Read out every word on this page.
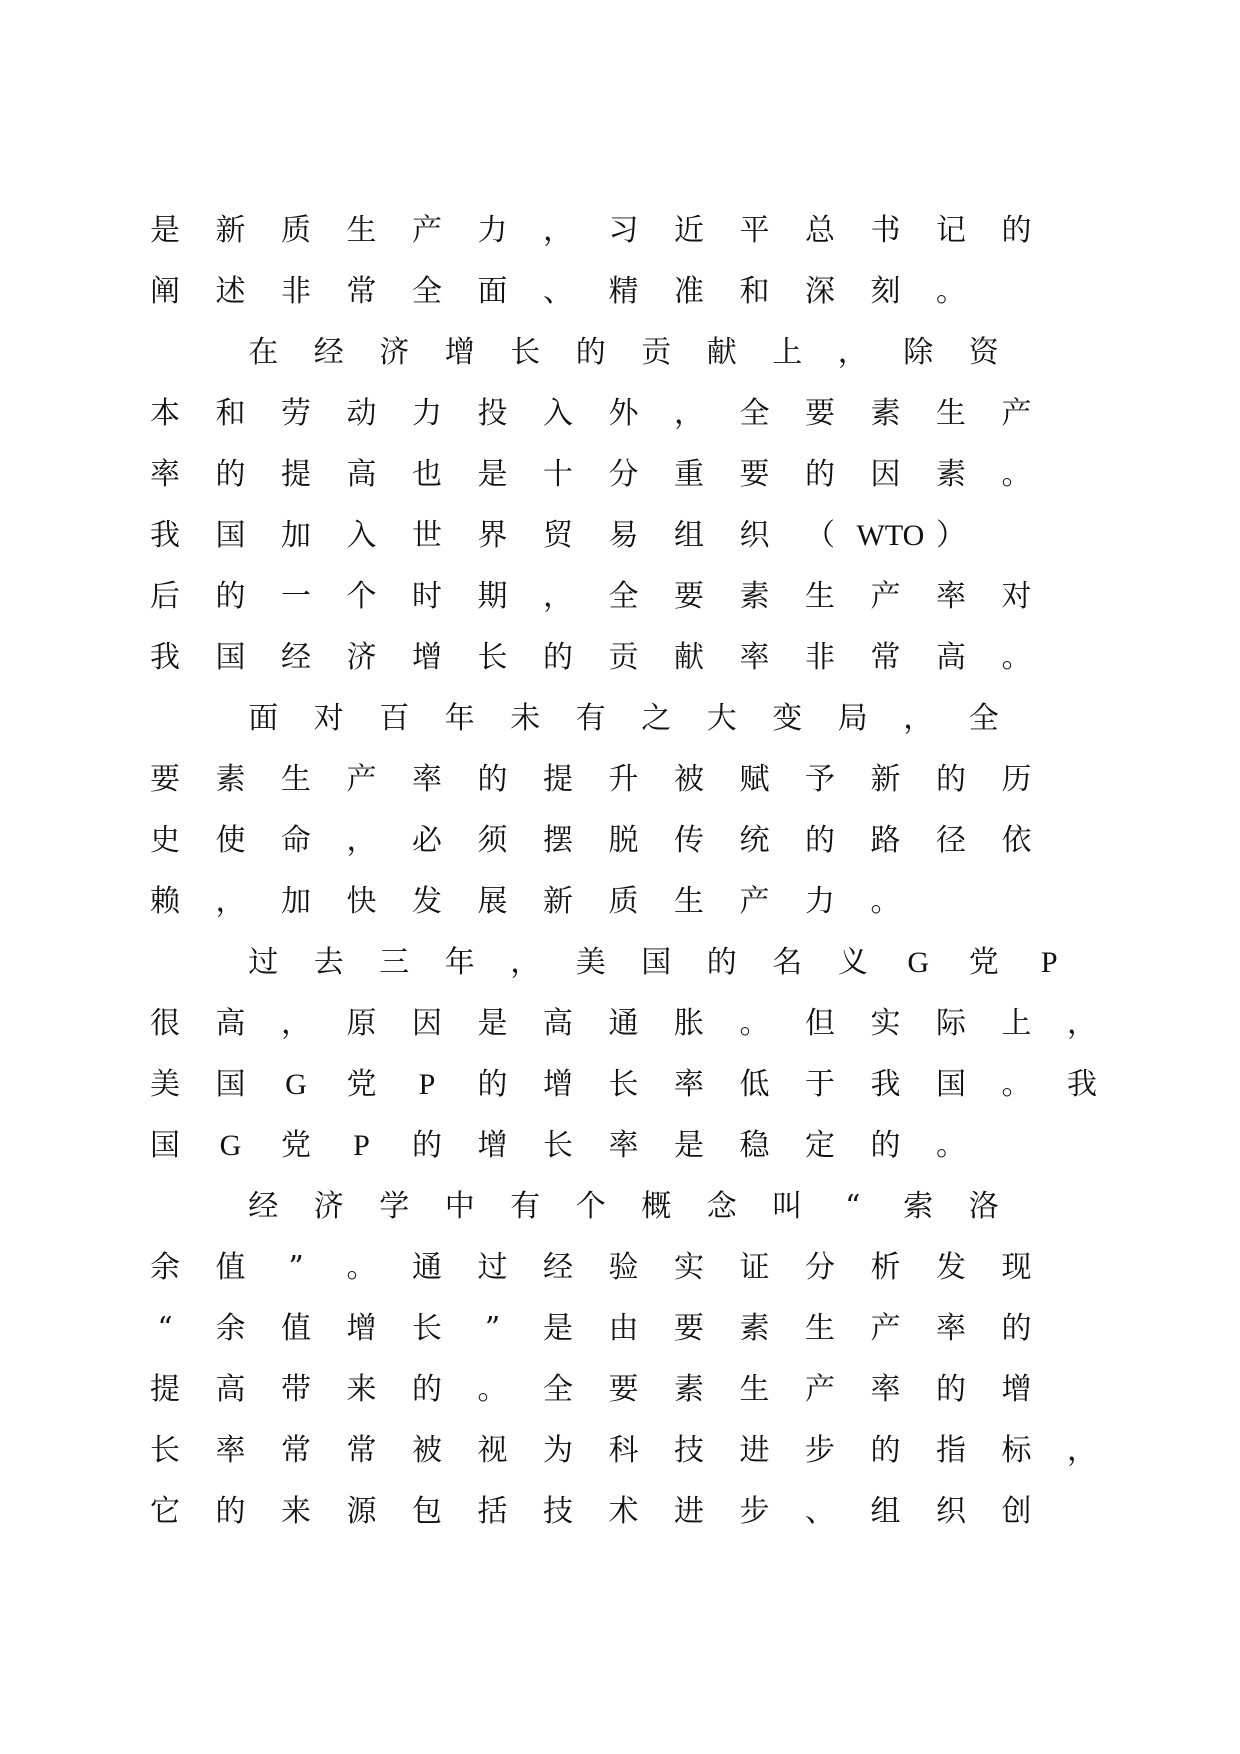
是 新 质 生 产 力 ， 习 近 平 总 书 记 的
阐 述 非 常 全 面 、 精 准 和 深 刻 。
在 经 济 增 长 的 贡 献 上 ， 除 资
本 和 劳 动 力 投 入 外 ， 全 要 素 生 产
率 的 提 高 也 是 十 分 重 要 的 因 素 。
我 国 加 入 世 界 贸 易 组 织 （ WTO ）
后 的 一 个 时 期 ， 全 要 素 生 产 率 对
我 国 经 济 增 长 的 贡 献 率 非 常 高 。
面 对 百 年 未 有 之 大 变 局 ， 全
要 素 生 产 率 的 提 升 被 赋 予 新 的 历
史 使 命 ， 必 须 摆 脱 传 统 的 路 径 依
赖 ， 加 快 发 展 新 质 生 产 力 。
过 去 三 年 ， 美 国 的 名 义 G 党 P
很 高 ， 原 因 是 高 通 胀 。 但 实 际 上 ，
美 国 G 党 P 的 增 长 率 低 于 我 国 。 我
国 G 党 P 的 增 长 率 是 稳 定 的 。
经 济 学 中 有 个 概 念 叫	“	索 洛
余 值	”	。 通 过 经 验 实 证 分 析 发 现
“	余 值 增 长	”	是 由 要 素 生 产 率 的
提 高 带 来 的 。 全 要 素 生 产 率 的 增
长 率 常 常 被 视 为 科 技 进 步 的 指 标 ，
它 的 来 源 包 括 技 术 进 步 、 组 织 创
